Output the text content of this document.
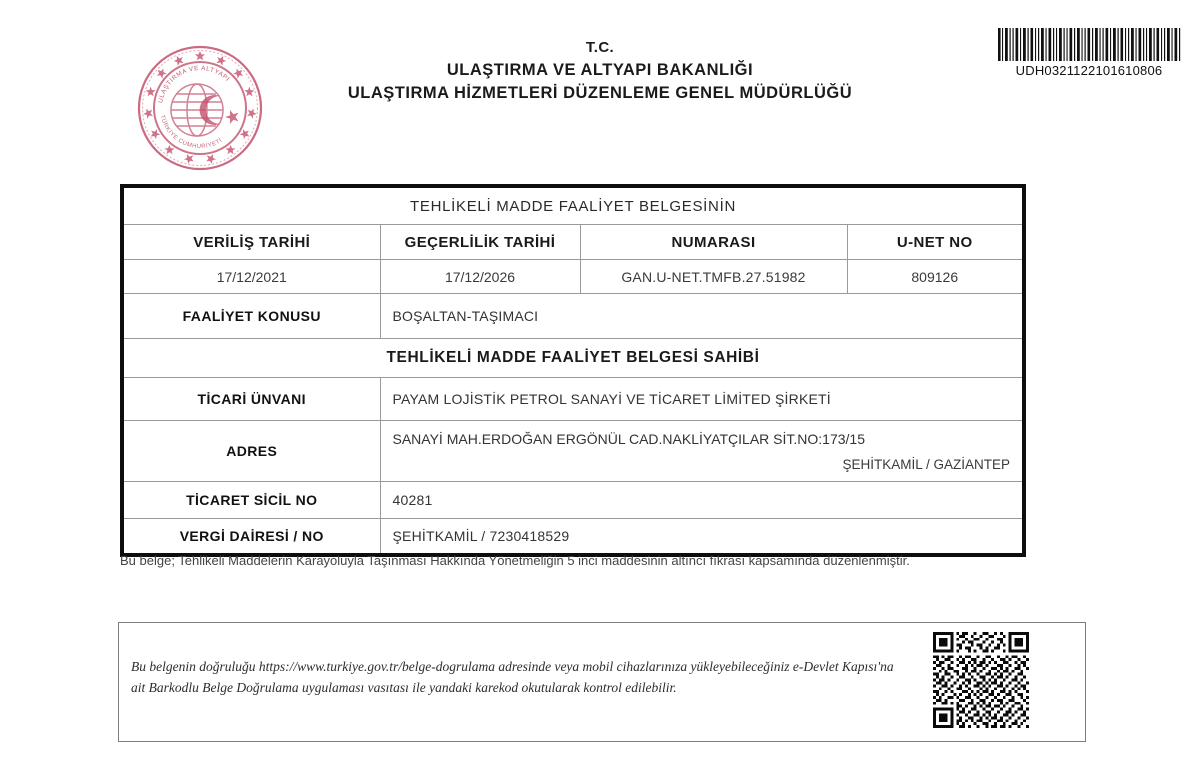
ULAŞTIRMA VE ALTYAPI
TÜRKİYE CUMHURİYETİ
T.C.
ULAŞTIRMA VE ALTYAPI BAKANLIĞI
ULAŞTIRMA HİZMETLERİ DÜZENLEME GENEL MÜDÜRLÜĞÜ
UDH0321122101610806
TEHLİKELİ MADDE FAALİYET BELGESİNİN			
VERİLİŞ TARİHİ	GEÇERLİLİK TARİHİ	NUMARASI	U-NET NO
17/12/2021	17/12/2026	GAN.U-NET.TMFB.27.51982	809126
FAALİYET KONUSU	BOŞALTAN-TAŞIMACI		
TEHLİKELİ MADDE FAALİYET BELGESİ SAHİBİ			
TİCARİ ÜNVANI	PAYAM LOJİSTİK PETROL SANAYİ VE TİCARET LİMİTED ŞİRKETİ		
ADRES	SANAYİ MAH.ERDOĞAN ERGÖNÜL CAD.NAKLİYATÇILAR SİT.NO:173/15
ŞEHİTKAMİL / GAZİANTEP		

TİCARET SİCİL NO	40281		
VERGİ DAİRESİ / NO	ŞEHİTKAMİL / 7230418529		
Bu belge; Tehlikeli Maddelerin Karayoluyla Taşınması Hakkında Yönetmeliğin 5 inci maddesinin altıncı fıkrası kapsamında düzenlenmiştir.
Bu belgenin doğruluğu https://www.turkiye.gov.tr/belge-dogrulama adresinde veya mobil cihazlarınıza yükleyebileceğiniz e-Devlet Kapısı'na ait Barkodlu Belge Doğrulama uygulaması vasıtası ile yandaki karekod okutularak kontrol edilebilir.
